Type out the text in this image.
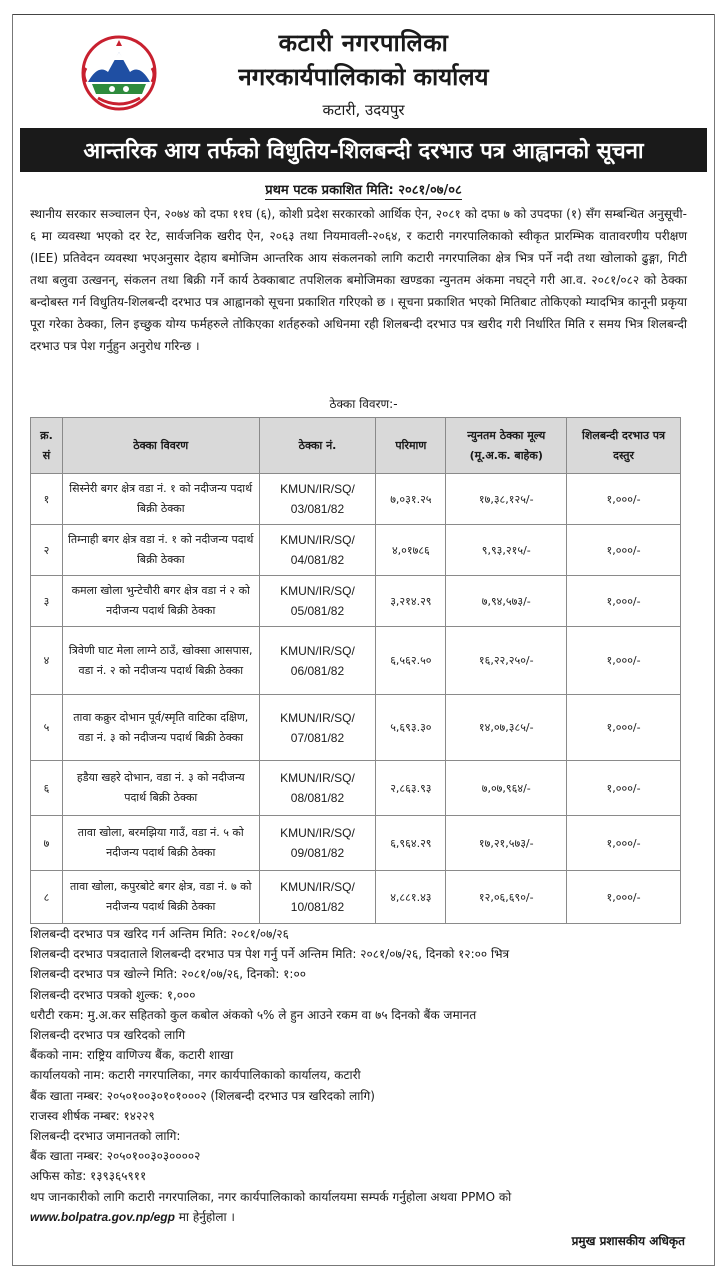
कटारी नगरपालिका
नगरकार्यपालिकाको कार्यालय
कटारी, उदयपुर
आन्तरिक आय तर्फको विधुतिय-शिलबन्दी दरभाउ पत्र आह्वानको सूचना
प्रथम पटक प्रकाशित मिति: २०८१/०७/०८
स्थानीय सरकार सञ्चालन ऐन, २०७४ को दफा ११घ (६), कोशी प्रदेश सरकारको आर्थिक ऐन, २०८१ को दफा ७ को उपदफा (१) सँग सम्बन्धित अनुसूची- ६ मा व्यवस्था भएको दर रेट, सार्वजनिक खरीद ऐन, २०६३ तथा नियमावली-२०६४, र कटारी नगरपालिकाको स्वीकृत प्रारम्भिक वातावरणीय परीक्षण (IEE) प्रतिवेदन व्यवस्था भएअनुसार देहाय बमोजिम आन्तरिक आय संकलनको लागि कटारी नगरपालिका क्षेत्र भित्र पर्ने नदी तथा खोलाको ढुङ्गा, गिटी तथा बलुवा उत्खनन्, संकलन तथा बिक्री गर्ने कार्य ठेक्काबाट तपशिलक बमोजिमका खण्डका न्युनतम अंकमा नघट्ने गरी आ.व. २०८१/०८२ को ठेक्का बन्दोबस्त गर्न विधुतिय-शिलबन्दी दरभाउ पत्र आह्वानको सूचना प्रकाशित गरिएको छ । सूचना प्रकाशित भएको मितिबाट तोकिएको म्यादभित्र कानूनी प्रकृया पूरा गरेका ठेक्का, लिन इच्छुक योग्य फर्महरुले तोकिएका शर्तहरुको अधिनमा रही शिलबन्दी दरभाउ पत्र खरीद गरी निर्धारित मिति र समय भित्र शिलबन्दी दरभाउ पत्र पेश गर्नुहुन अनुरोध गरिन्छ ।
ठेक्का विवरण:-
क्र. सं	ठेक्का विवरण	ठेक्का नं.	परिमाण	न्युनतम ठेक्का मूल्य (मू.अ.क. बाहेक)	शिलबन्दी दरभाउ पत्र दस्तुर
१	सिस्नेरी बगर क्षेत्र वडा नं. १ को नदीजन्य पदार्थ बिक्री ठेक्का	KMUN/IR/SQ/ 03/081/82	७,०३१.२५	१७,३८,१२५/-	१,०००/-
२	तिम्नाही बगर क्षेत्र वडा नं. १ को नदीजन्य पदार्थ बिक्री ठेक्का	KMUN/IR/SQ/ 04/081/82	४,०१७८६	९,९३,२१५/-	१,०००/-
३	कमला खोला भुन्टेचौरी बगर क्षेत्र वडा नं २ को नदीजन्य पदार्थ बिक्री ठेक्का	KMUN/IR/SQ/ 05/081/82	३,२१४.२९	७,९४,५७३/-	१,०००/-
४	त्रिवेणी घाट मेला लाग्ने ठाउँ, खोक्सा आसपास, वडा नं. २ को नदीजन्य पदार्थ बिक्री ठेक्का	KMUN/IR/SQ/ 06/081/82	६,५६२.५०	१६,२२,२५०/-	१,०००/-
५	तावा कक्रुर दोभान पूर्व/स्मृति वाटिका दक्षिण, वडा नं. ३ को नदीजन्य पदार्थ बिक्री ठेक्का	KMUN/IR/SQ/ 07/081/82	५,६९३.३०	१४,०७,३८५/-	१,०००/-
६	हडैया खहरे दोभान, वडा नं. ३ को नदीजन्य पदार्थ बिक्री ठेक्का	KMUN/IR/SQ/ 08/081/82	२,८६३.९३	७,०७,९६४/-	१,०००/-
७	तावा खोला, बरमझिया गाउँ, वडा नं. ५ को नदीजन्य पदार्थ बिक्री ठेक्का	KMUN/IR/SQ/ 09/081/82	६,९६४.२९	१७,२१,५७३/-	१,०००/-
८	तावा खोला, कपुरबोटे बगर क्षेत्र, वडा नं. ७ को नदीजन्य पदार्थ बिक्री ठेक्का	KMUN/IR/SQ/ 10/081/82	४,८८१.४३	१२,०६,६९०/-	१,०००/-
शिलबन्दी दरभाउ पत्र खरिद गर्न अन्तिम मिति: २०८१/०७/२६
शिलबन्दी दरभाउ पत्रदाताले शिलबन्दी दरभाउ पत्र पेश गर्नु पर्ने अन्तिम मिति: २०८१/०७/२६, दिनको १२:०० भित्र
शिलबन्दी दरभाउ पत्र खोल्ने मिति: २०८१/०७/२६, दिनको: १:००
शिलबन्दी दरभाउ पत्रको शुल्क: १,०००
धरौटी रकम: मु.अ.कर सहितको कुल कबोल अंकको ५% ले हुन आउने रकम वा ७५ दिनको बैंक जमानत
शिलबन्दी दरभाउ पत्र खरिदको लागि
बैंकको नाम: राष्ट्रिय वाणिज्य बैंक, कटारी शाखा
कार्यालयको नाम: कटारी नगरपालिका, नगर कार्यपालिकाको कार्यालय, कटारी
बैंक खाता नम्बर: २०५०१००३०१०१०००२ (शिलबन्दी दरभाउ पत्र खरिदको लागि)
राजस्व शीर्षक नम्बर: १४२२९
शिलबन्दी दरभाउ जमानतको लागि:
बैंक खाता नम्बर: २०५०१००३०३००००२
अफिस कोड: १३९३६५९११
थप जानकारीको लागि कटारी नगरपालिका, नगर कार्यपालिकाको कार्यालयमा सम्पर्क गर्नुहोला अथवा PPMO को
www.bolpatra.gov.np/egp मा हेर्नुहोला ।
प्रमुख प्रशासकीय अधिकृत
